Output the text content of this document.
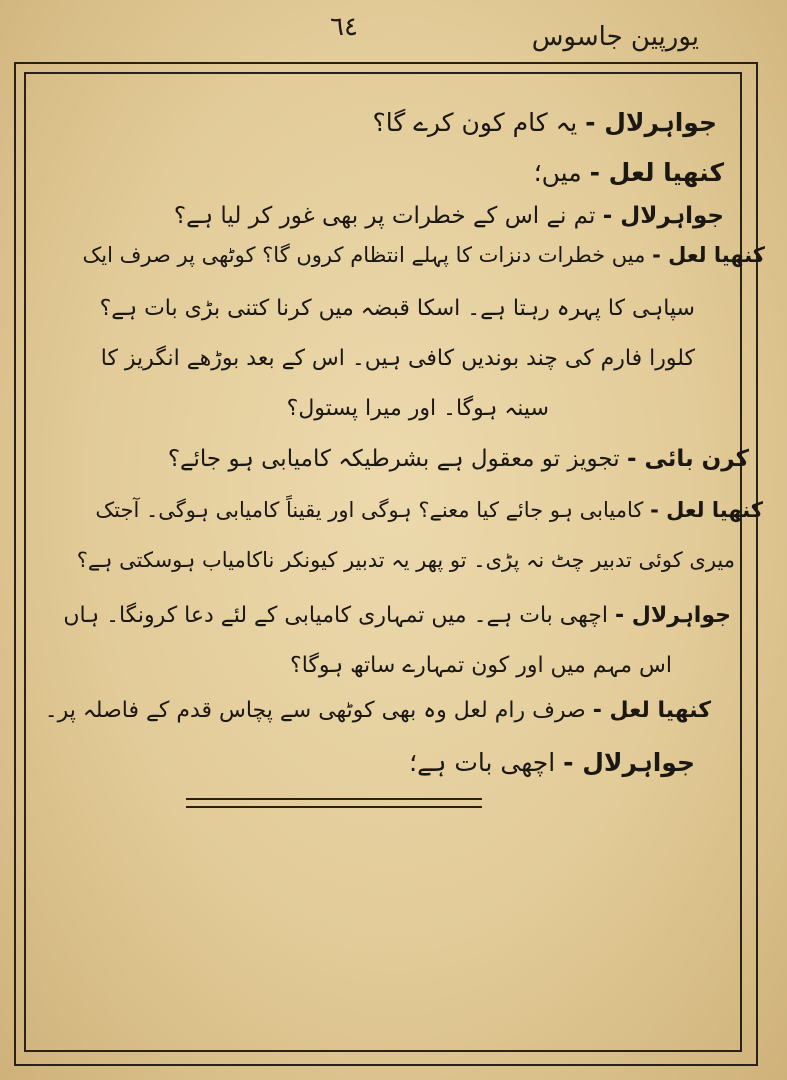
٦٤	یورپین جاسوس
جواہرلال - یہ کام کون کرے گا؟
کنھیا لعل - میں؛
جواہرلال - تم نے اس کے خطرات پر بھی غور کر لیا ہے؟
کنھیا لعل - میں خطرات دنزات کا پہلے انتظام کروں گا؟ کوٹھی پر صرف ایک
سپاہی کا پہرہ رہتا ہے۔ اسکا قبضہ میں کرنا کتنی بڑی بات ہے؟
کلورا فارم کی چند بوندیں کافی ہیں۔ اس کے بعد بوڑھے انگریز کا
سینہ ہوگا۔ اور میرا پستول؟
کرن بائی - تجویز تو معقول ہے بشرطیکہ کامیابی ہو جائے؟
کنھیا لعل - کامیابی ہو جائے کیا معنے؟ ہوگی اور یقیناً کامیابی ہوگی۔ آجتک
میری کوئی تدبیر چٹ نہ پڑی۔ تو پھر یہ تدبیر کیونکر ناکامیاب ہوسکتی ہے؟
جواہرلال - اچھی بات ہے۔ میں تمہاری کامیابی کے لئے دعا کرونگا۔ ہاں
اس مہم میں اور کون تمہارے ساتھ ہوگا؟
کنھیا لعل - صرف رام لعل وہ بھی کوٹھی سے پچاس قدم کے فاصلہ پر۔
جواہرلال - اچھی بات ہے؛
